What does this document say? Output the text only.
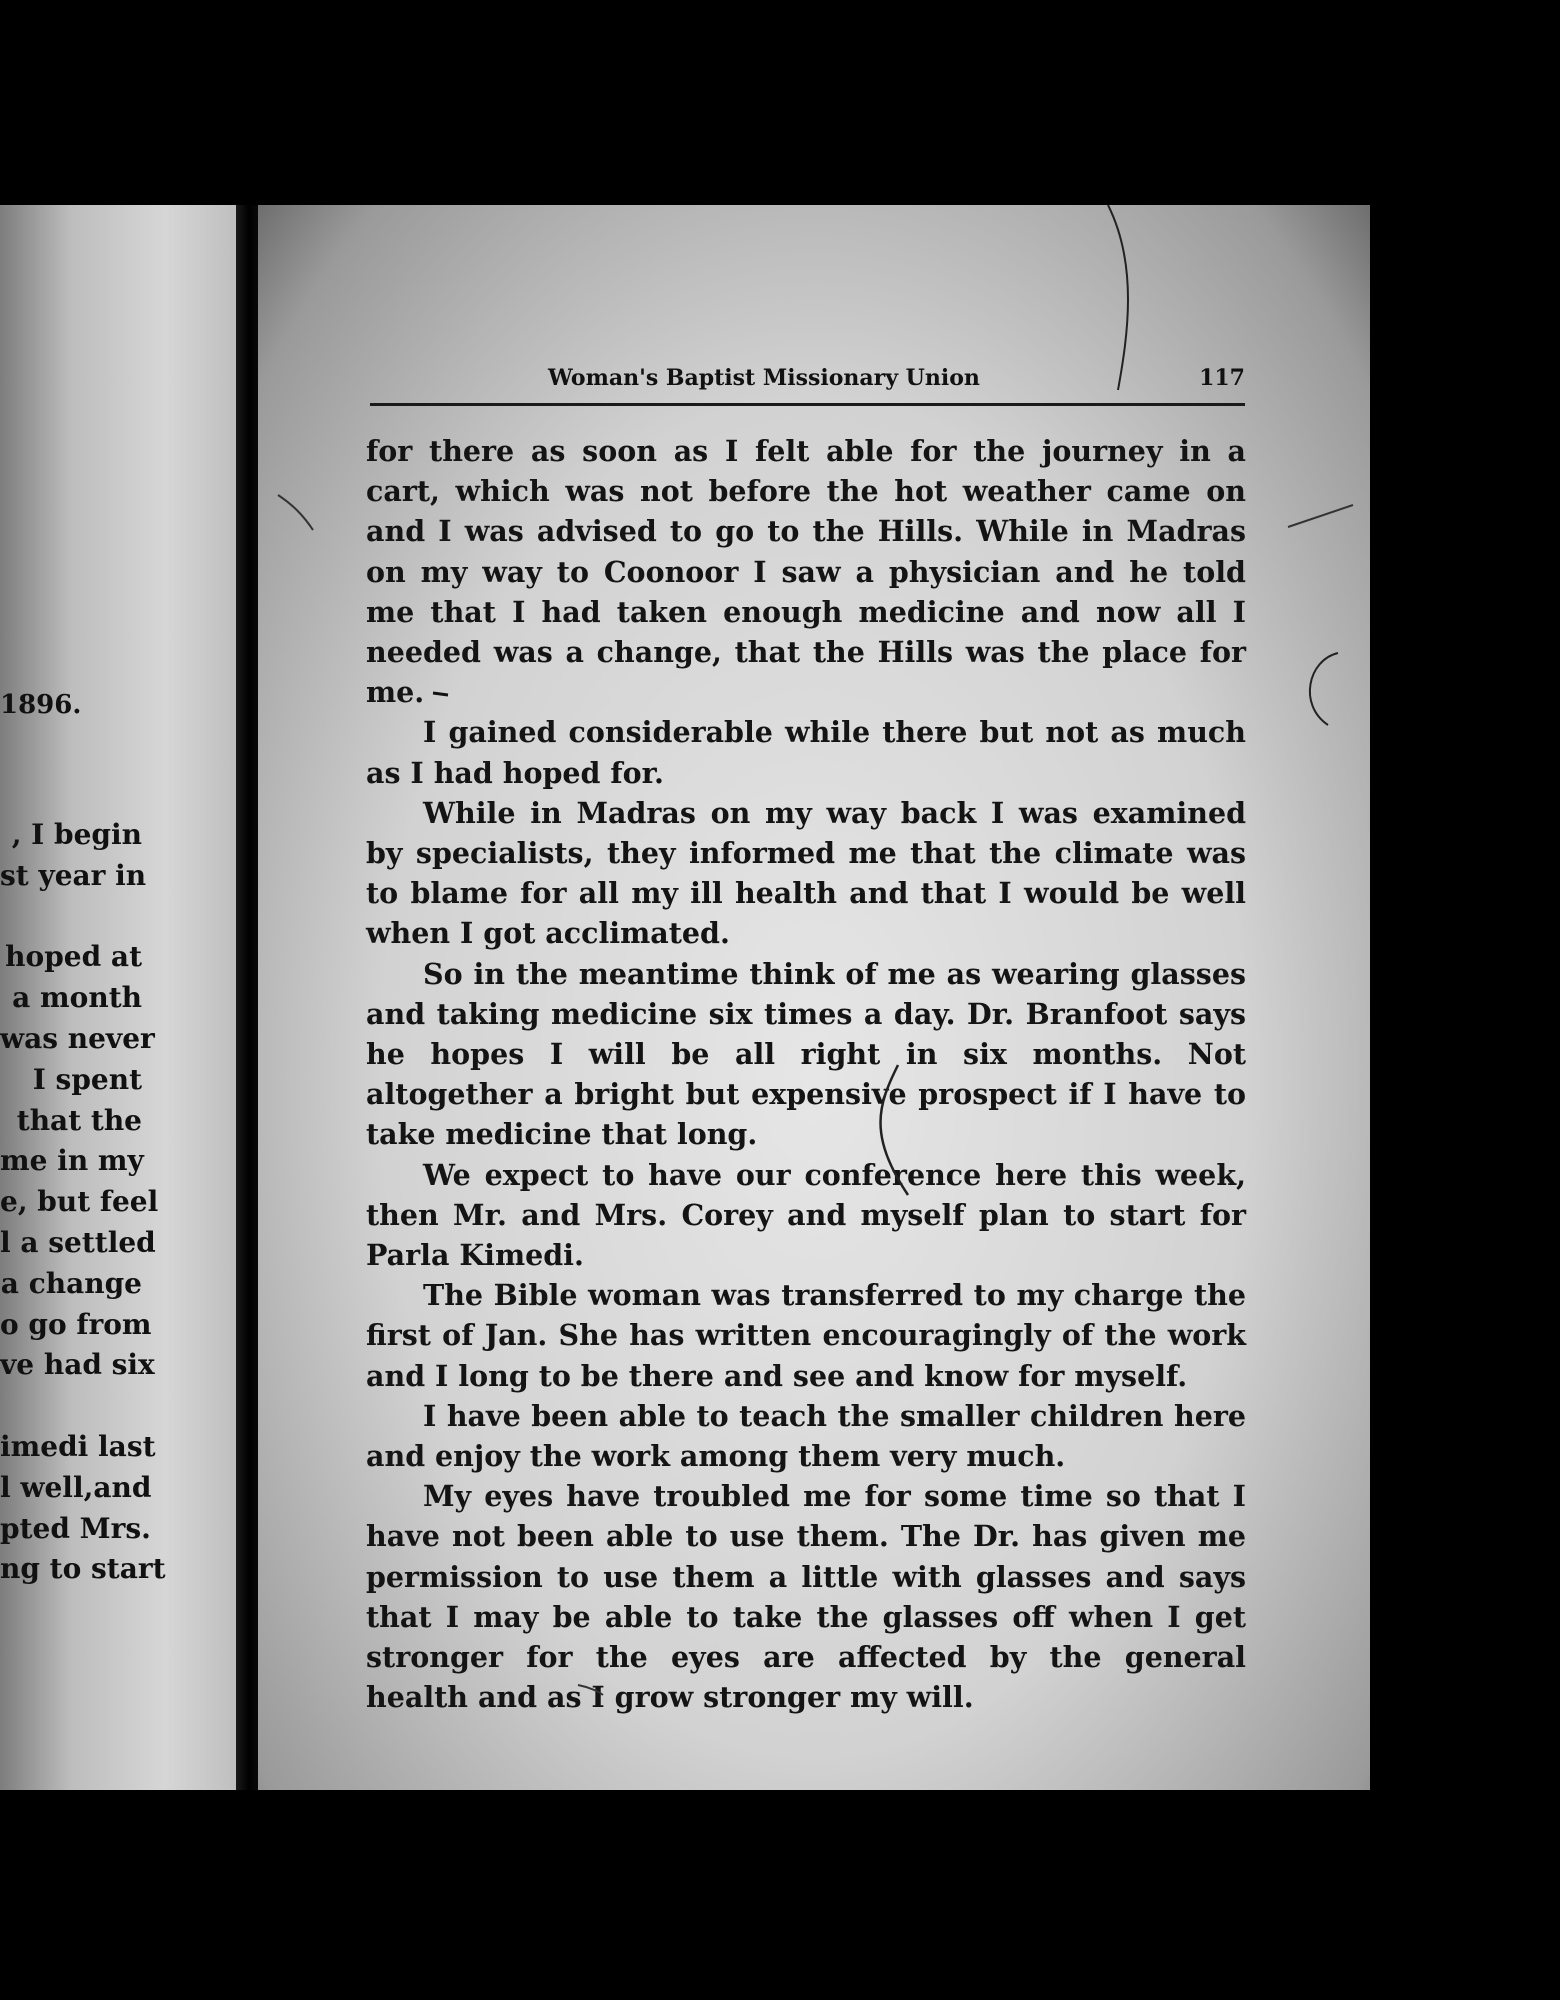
1896.
, I begin
st year in

hoped at
a month
was never
I spent
that the
me in my
e, but feel
l a settled
a change
o go from
ve had six

imedi last
l well,and
pted Mrs.
ng to start
Woman's Baptist Missionary Union	117

for there as soon as I felt able for the journey in a cart, which was not before the hot weather came on and I was advised to go to the Hills. While in Madras on my way to Coonoor I saw a physician and he told me that I had taken enough medicine and now all I needed was a change, that the Hills was the place for me.

I gained considerable while there but not as much as I had hoped for.

While in Madras on my way back I was examined by specialists, they informed me that the climate was to blame for all my ill health and that I would be well when I got acclimated.

So in the meantime think of me as wearing glasses and taking medicine six times a day. Dr. Branfoot says he hopes I will be all right in six months. Not altogether a bright but expensive prospect if I have to take medicine that long.

We expect to have our conference here this week, then Mr. and Mrs. Corey and myself plan to start for Parla Kimedi.

The Bible woman was transferred to my charge the first of Jan. She has written encouragingly of the work and I long to be there and see and know for myself.

I have been able to teach the smaller children here and enjoy the work among them very much.

My eyes have troubled me for some time so that I have not been able to use them. The Dr. has given me permission to use them a little with glasses and says that I may be able to take the glasses off when I get stronger for the eyes are affected by the general health and as I grow stronger my will.
